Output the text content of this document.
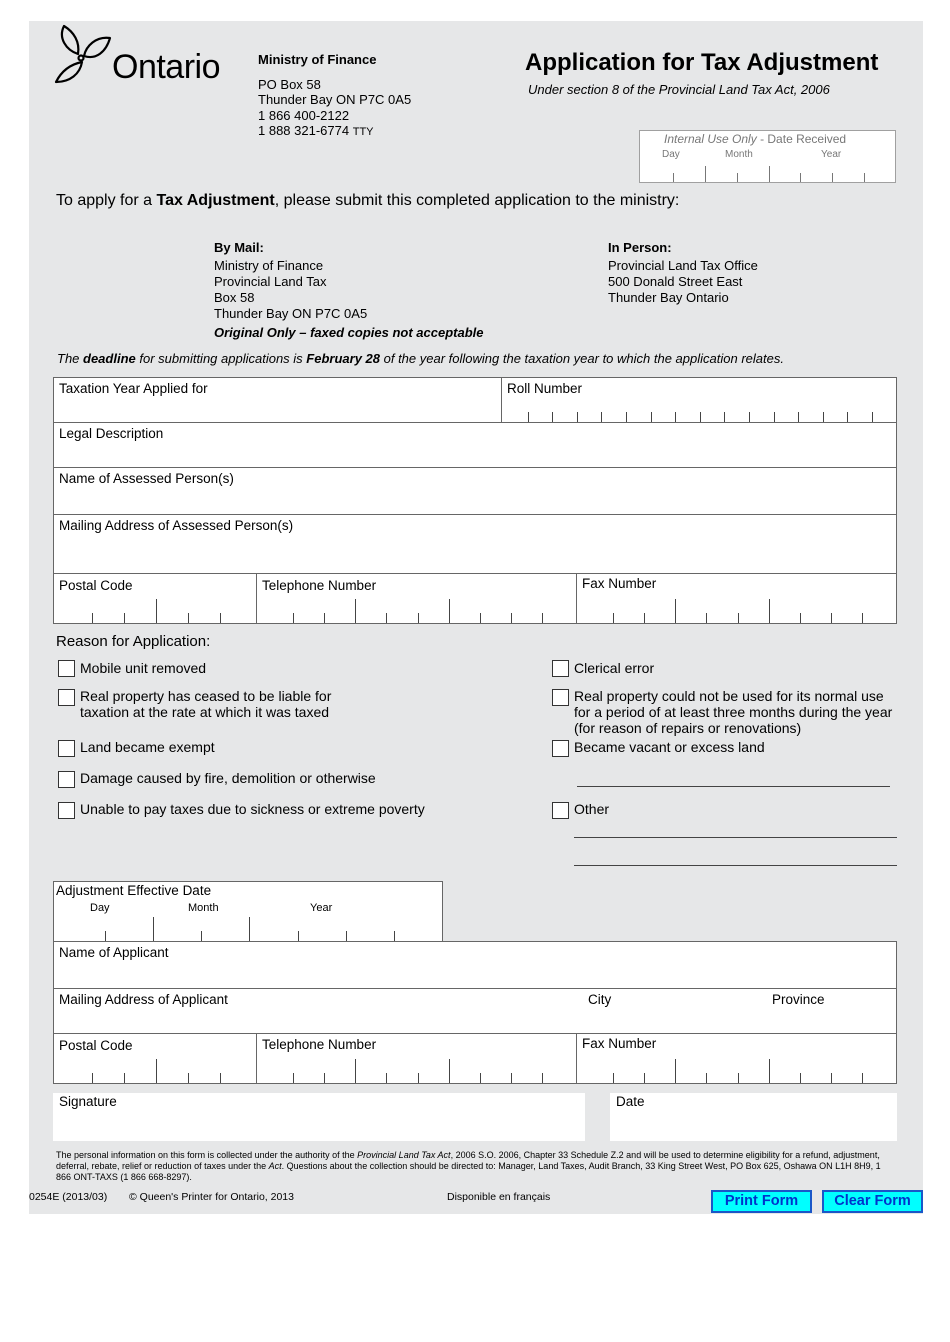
Ontario	Ministry of Finance
PO Box 58
Thunder Bay ON P7C 0A5
1 866 400-2122
1 888 321-6774 TTY
Application for Tax Adjustment
Under section 8 of the Provincial Land Tax Act, 2006
Internal Use Only - Date Received
Day	Month	Year
To apply for a Tax Adjustment, please submit this completed application to the ministry:
By Mail:
Ministry of Finance
Provincial Land Tax
Box 58
Thunder Bay ON P7C 0A5
Original Only – faxed copies not acceptable
In Person:
Provincial Land Tax Office
500 Donald Street East
Thunder Bay Ontario
The deadline for submitting applications is February 28 of the year following the taxation year to which the application relates.
Taxation Year Applied for	Roll Number
Legal Description
Name of Assessed Person(s)
Mailing Address of Assessed Person(s)
Postal Code	Telephone Number	Fax Number
Reason for Application:
Mobile unit removed
Real property has ceased to be liable for taxation at the rate at which it was taxed
Land became exempt
Damage caused by fire, demolition or otherwise
Unable to pay taxes due to sickness or extreme poverty
Clerical error
Real property could not be used for its normal use for a period of at least three months during the year (for reason of repairs or renovations)
Became vacant or excess land
Other
Adjustment Effective Date
Day	Month	Year
Name of Applicant
Mailing Address of Applicant	City	Province
Postal Code	Telephone Number	Fax Number
Signature	Date
The personal information on this form is collected under the authority of the Provincial Land Tax Act, 2006 S.O. 2006, Chapter 33 Schedule Z.2 and will be used to determine eligibility for a refund, adjustment, deferral, rebate, relief or reduction of taxes under the Act. Questions about the collection should be directed to: Manager, Land Taxes, Audit Branch, 33 King Street West, PO Box 625, Oshawa ON L1H 8H9, 1 866 ONT-TAXS (1 866 668-8297).
0254E (2013/03) © Queen's Printer for Ontario, 2013	Disponible en français	Print Form	Clear Form
